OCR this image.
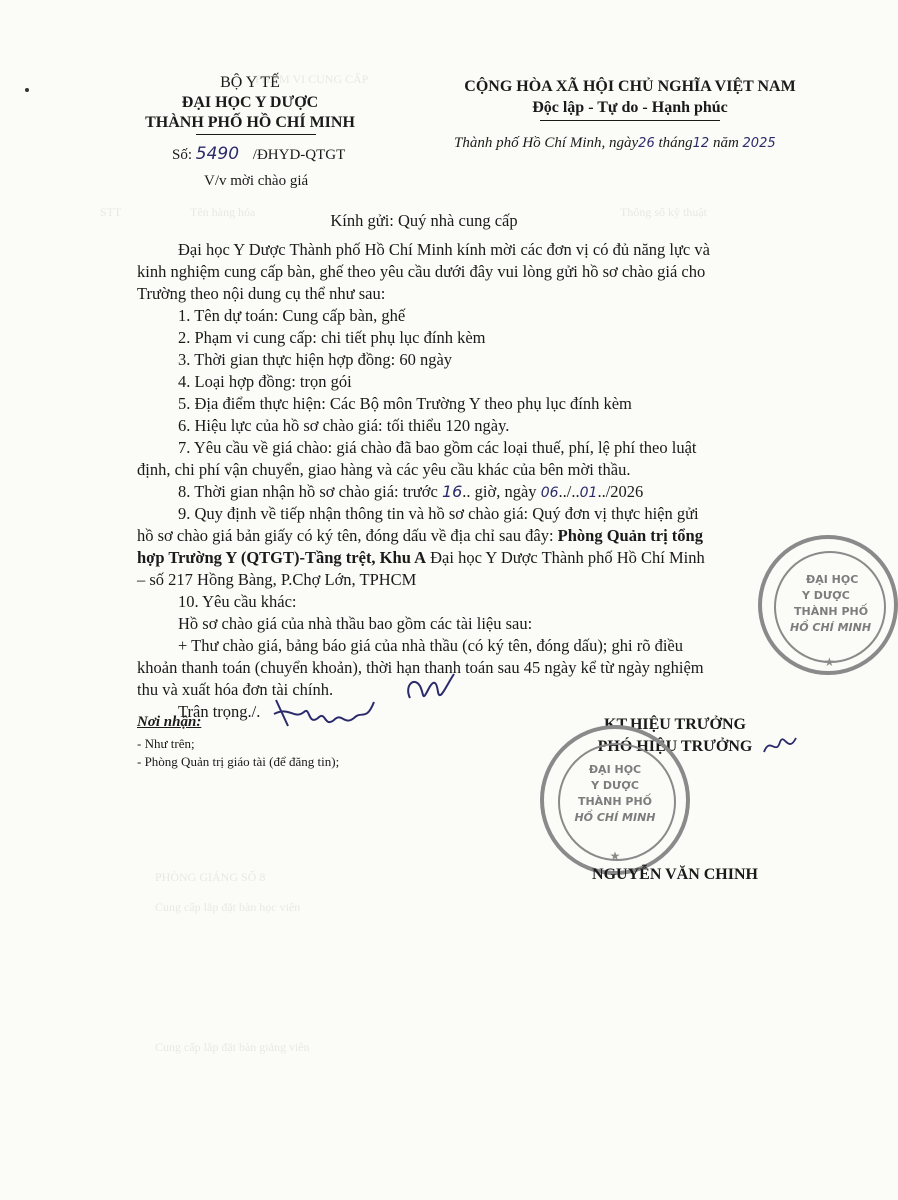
PHẠM VI CUNG CẤP
Tên hàng hóa
STT	Thông số kỹ thuật
PHÒNG GIẢNG SỐ 8
Cung cấp lắp đặt bàn học viên
Cung cấp lắp đặt bàn giảng viên
BỘ Y TẾ
ĐẠI HỌC Y DƯỢC
THÀNH PHỐ HỒ CHÍ MINH
Số: 5490 /ĐHYD-QTGT
V/v mời chào giá
CỘNG HÒA XÃ HỘI CHỦ NGHĨA VIỆT NAM
Độc lập - Tự do - Hạnh phúc
Thành phố Hồ Chí Minh, ngày26 tháng12 năm 2025
Kính gửi: Quý nhà cung cấp
Đại học Y Dược Thành phố Hồ Chí Minh kính mời các đơn vị có đủ năng lực và
kinh nghiệm cung cấp bàn, ghế theo yêu cầu dưới đây vui lòng gửi hồ sơ chào giá cho
Trường theo nội dung cụ thể như sau:
1. Tên dự toán: Cung cấp bàn, ghế
2. Phạm vi cung cấp: chi tiết phụ lục đính kèm
3. Thời gian thực hiện hợp đồng: 60 ngày
4. Loại hợp đồng: trọn gói
5. Địa điểm thực hiện: Các Bộ môn Trường Y theo phụ lục đính kèm
6. Hiệu lực của hồ sơ chào giá: tối thiểu 120 ngày.
7. Yêu cầu về giá chào: giá chào đã bao gồm các loại thuế, phí, lệ phí theo luật
định, chi phí vận chuyển, giao hàng và các yêu cầu khác của bên mời thầu.
8. Thời gian nhận hồ sơ chào giá: trước 16.. giờ, ngày 06../..01../2026
9. Quy định về tiếp nhận thông tin và hồ sơ chào giá: Quý đơn vị thực hiện gửi
hồ sơ chào giá bản giấy có ký tên, đóng dấu về địa chỉ sau đây: Phòng Quản trị tổng
hợp Trường Y (QTGT)-Tầng trệt, Khu A Đại học Y Dược Thành phố Hồ Chí Minh
– số 217 Hồng Bàng, P.Chợ Lớn, TPHCM
10. Yêu cầu khác:
Hồ sơ chào giá của nhà thầu bao gồm các tài liệu sau:
+ Thư chào giá, bảng báo giá của nhà thầu (có ký tên, đóng dấu); ghi rõ điều
khoản thanh toán (chuyển khoản), thời hạn thanh toán sau 45 ngày kể từ ngày nghiệm
thu và xuất hóa đơn tài chính.
Trân trọng./.
Nơi nhận:
- Như trên;
- Phòng Quản trị giáo tài (để đăng tin);
KT.HIỆU TRƯỞNG
PHÓ HIỆU TRƯỞNG
ĐẠI HỌC
Y DƯỢC
THÀNH PHỐ
HỒ CHÍ MINH
★
ĐẠI HỌC
Y DƯỢC
THÀNH PHỐ
HỒ CHÍ MINH
★
NGUYỄN VĂN CHINH
